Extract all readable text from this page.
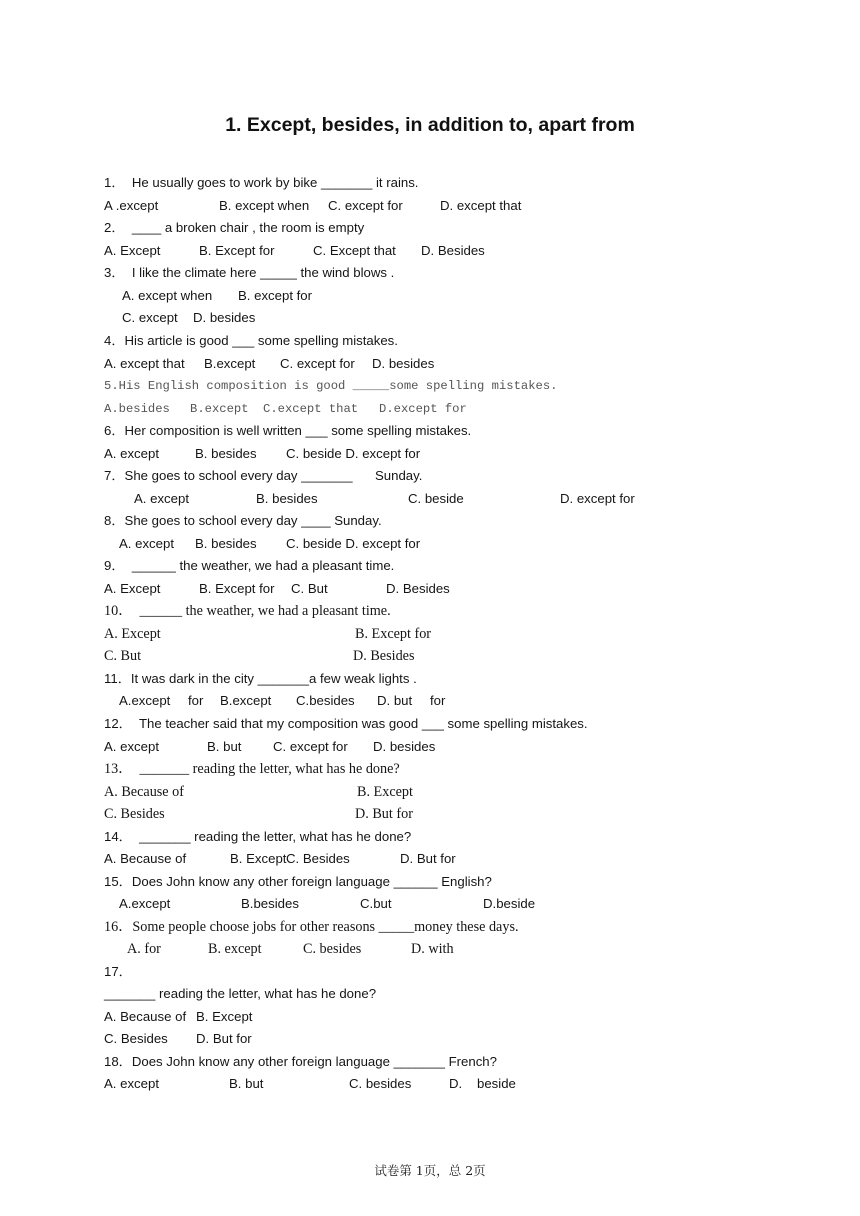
1. Except, besides, in addition to, apart from
1．  He usually goes to work by bike _______ it rains.
A .except	B. except when C. except for	D. except that
2．  ____ a broken chair , the room is empty
A. Except	B. Except for	C. Except that D. Besides
3．  I like the climate here _____ the wind blows .
A. except when B. except for
C. except D. besides
4．His article is good ___ some spelling mistakes.
A. except that B.except C. except for D. besides
5.His English composition is good _____some spelling mistakes.
A.besides B.except C.except that D.except for
6．Her composition is well written ___ some spelling mistakes.
A. except	B. besides C. beside D. except for
7．She goes to school every day _______ Sunday.
A. except	B. besides	C. beside	D. except for
8．She goes to school every day ____ Sunday.
A. except B. besides C. beside D. except for
9．  ______ the weather, we had a pleasant time.
A. Except	B. Except for C. But	D. Besides
10．  ______ the weather, we had a pleasant time.
A. Except	B. Except for
C. But	D. Besides
11．It was dark in the city _______a few weak lights .
A.except for B.except C.besides D. but for
12．  The teacher said that my composition was good ___ some spelling mistakes.
A. except	B. but C. except for D. besides
13．  _______ reading the letter, what has he done?
A. Because of	B. Except
C. Besides	D. But for
14．  _______ reading the letter, what has he done?
A. Because of	B. Except C. Besides	D. But for
15．Does John know any other foreign language ______ English?
A.except	B.besides	C.but	D.beside
16．Some people choose jobs for other reasons _____money these days.
A. for	B. except	C. besides	D. with
17．
_______ reading the letter, what has he done?
A. Because of B. Except
C. Besides D. But for
18．Does John know any other foreign language _______ French?
A. except	B. but	C. besides	D. beside
试卷第 1页，总 2页
